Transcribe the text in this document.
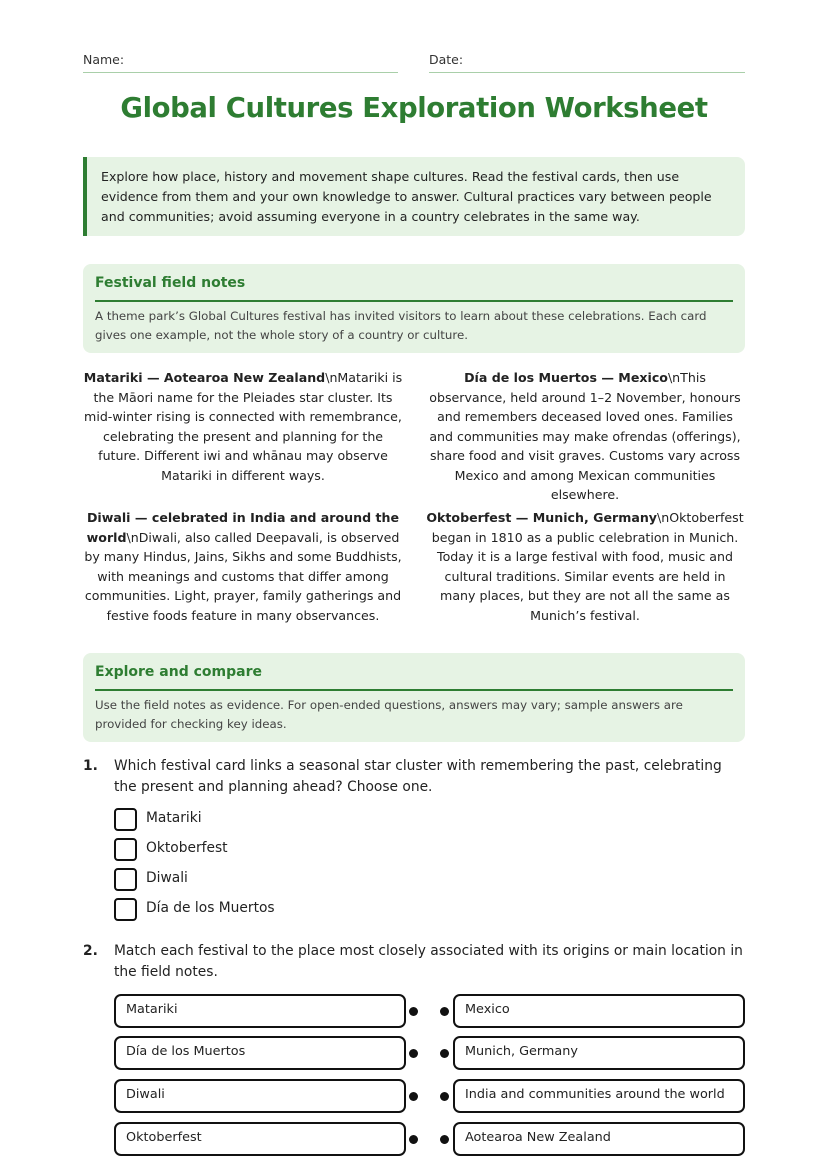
Name:	Date:
Global Cultures Exploration Worksheet
Explore how place, history and movement shape cultures. Read the festival cards, then use evidence from them and your own knowledge to answer. Cultural practices vary between people and communities; avoid assuming everyone in a country celebrates in the same way.
Festival field notes
A theme park’s Global Cultures festival has invited visitors to learn about these celebrations. Each card gives one example, not the whole story of a country or culture.
Matariki — Aotearoa New Zealand\nMatariki is the Māori name for the Pleiades star cluster. Its mid-winter rising is connected with remembrance, celebrating the present and planning for the future. Different iwi and whānau may observe Matariki in different ways.
Día de los Muertos — Mexico\nThis observance, held around 1–2 November, honours and remembers deceased loved ones. Families and communities may make ofrendas (offerings), share food and visit graves. Customs vary across Mexico and among Mexican communities elsewhere.
Diwali — celebrated in India and around the world\nDiwali, also called Deepavali, is observed by many Hindus, Jains, Sikhs and some Buddhists, with meanings and customs that differ among communities. Light, prayer, family gatherings and festive foods feature in many observances.
Oktoberfest — Munich, Germany\nOktoberfest began in 1810 as a public celebration in Munich. Today it is a large festival with food, music and cultural traditions. Similar events are held in many places, but they are not all the same as Munich’s festival.
Explore and compare
Use the field notes as evidence. For open-ended questions, answers may vary; sample answers are provided for checking key ideas.
1. Which festival card links a seasonal star cluster with remembering the past, celebrating the present and planning ahead? Choose one.
Matariki
Oktoberfest
Diwali
Día de los Muertos
2. Match each festival to the place most closely associated with its origins or main location in the field notes.
Matariki
Día de los Muertos
Diwali
Oktoberfest
Mexico
Munich, Germany
India and communities around the world
Aotearoa New Zealand
